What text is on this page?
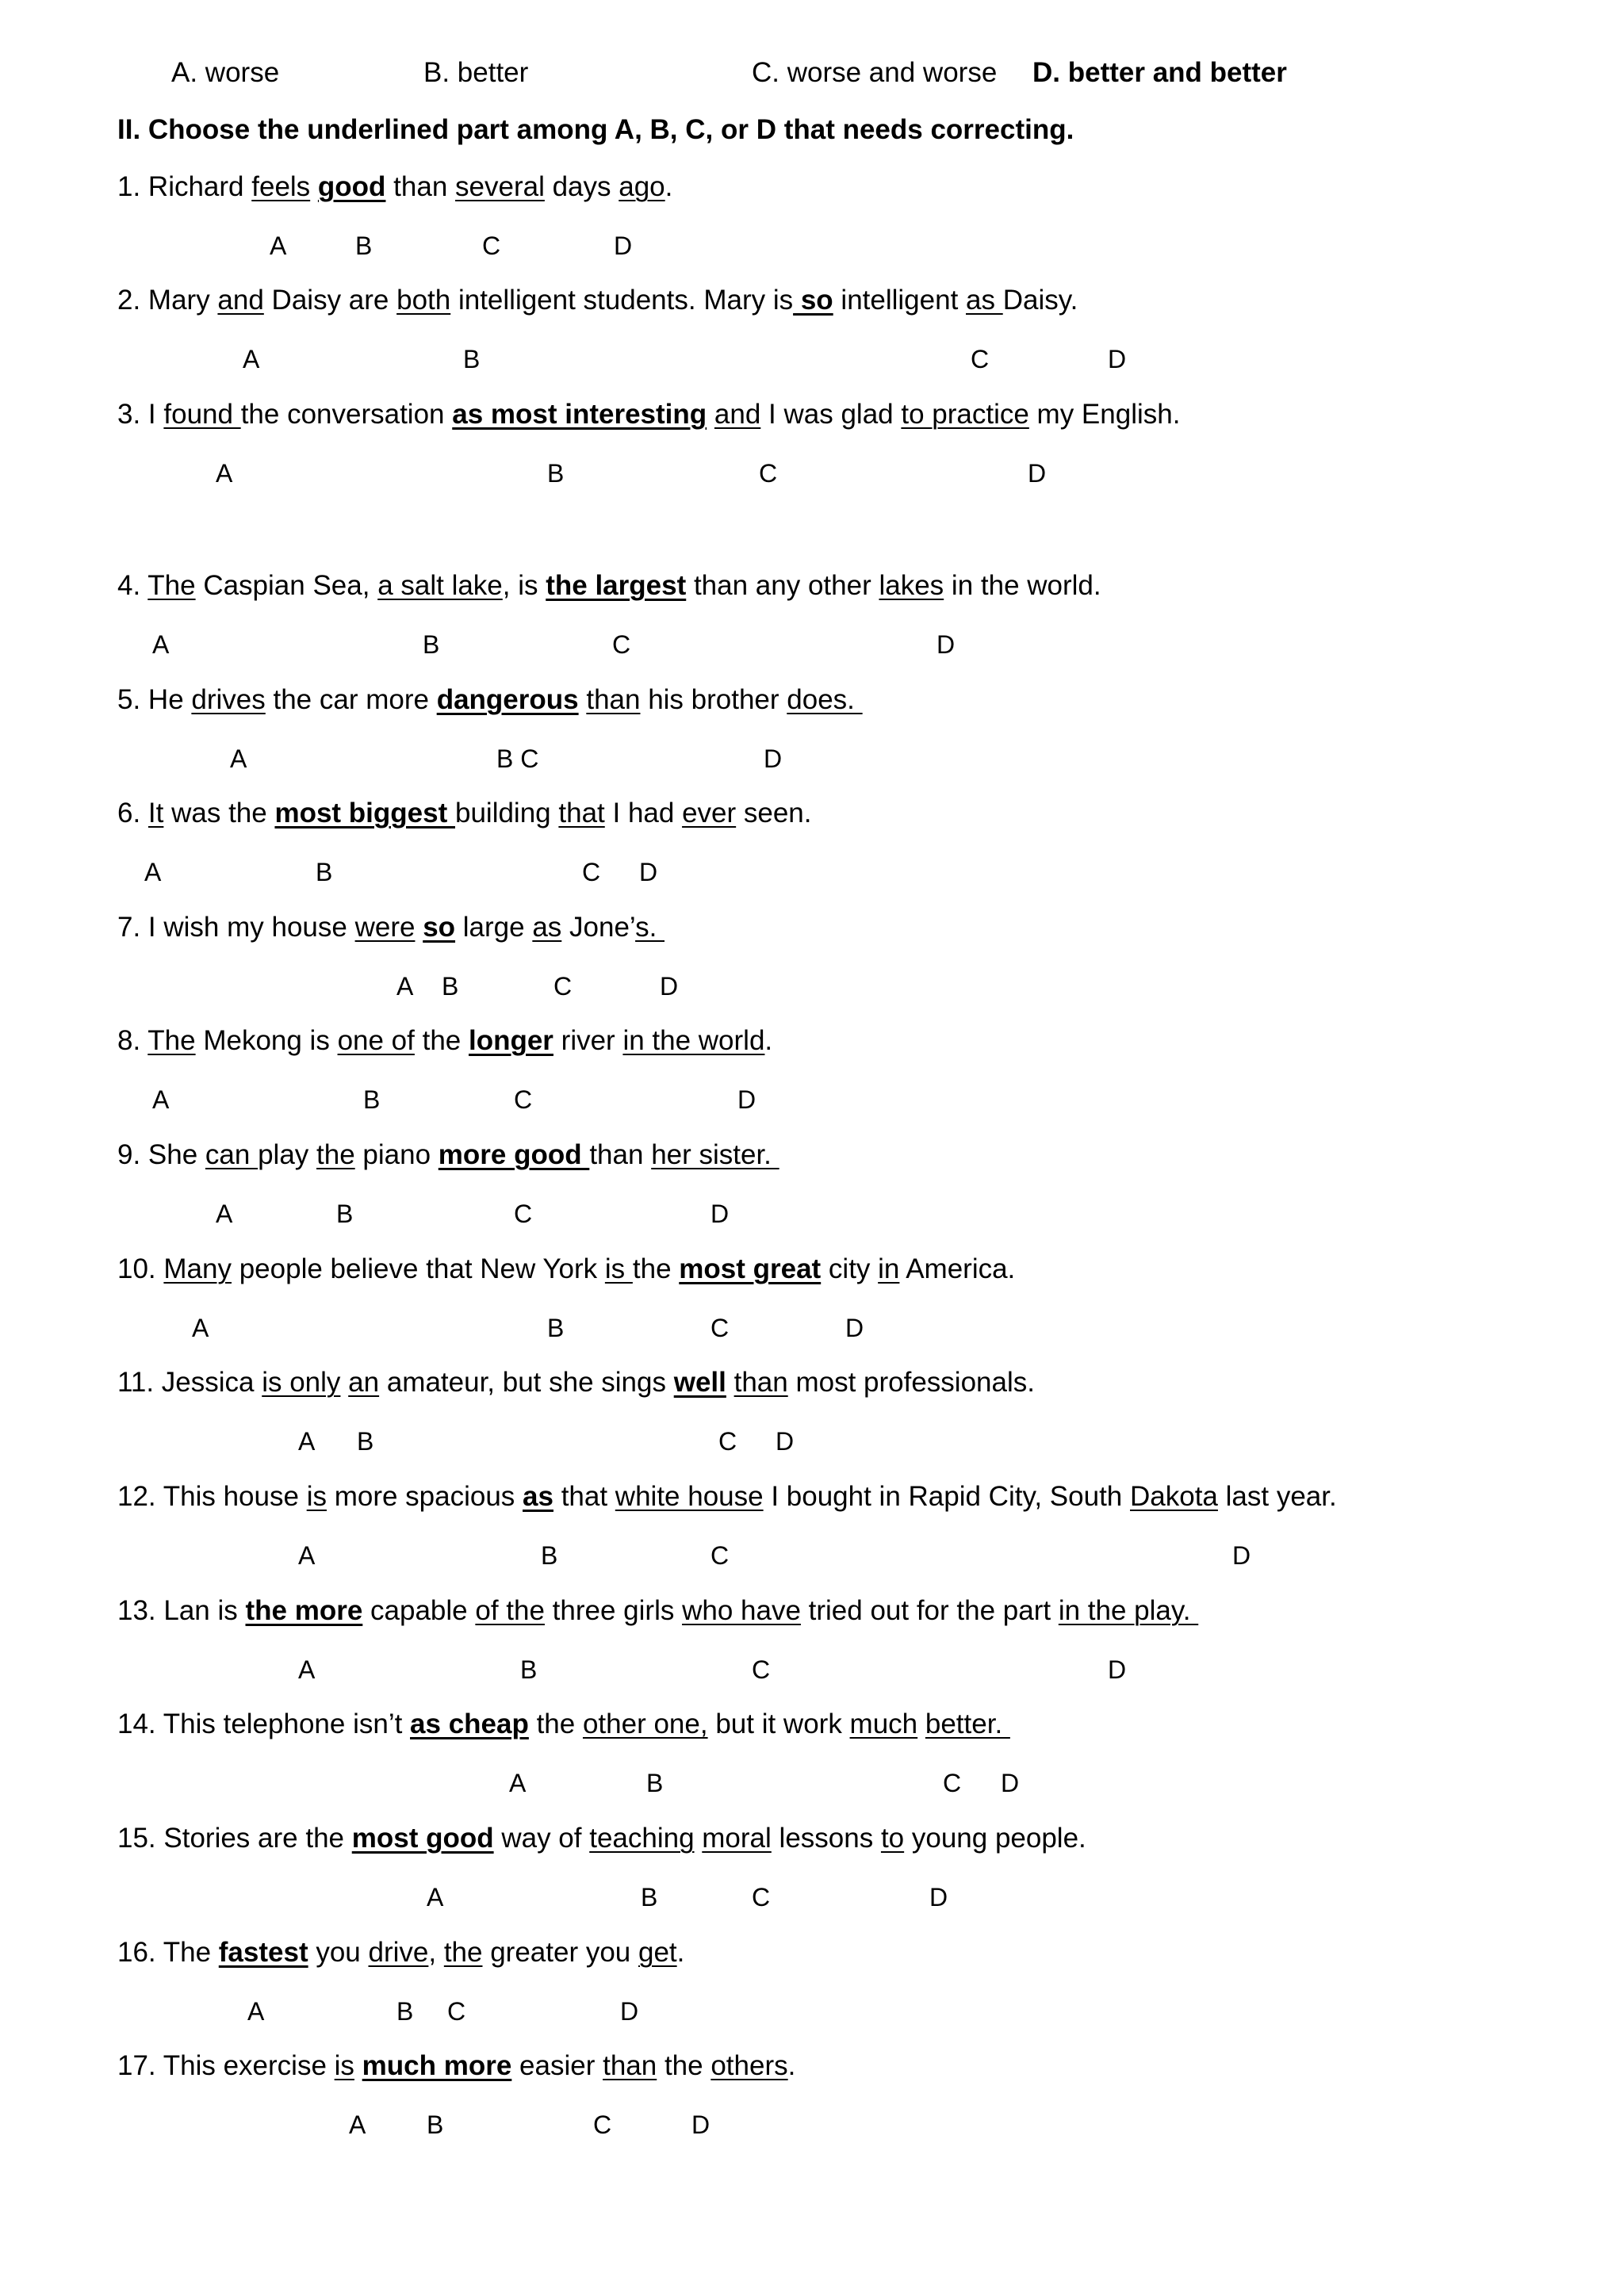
A. worse	B. better	C. worse and worse D. better and better
II. Choose the underlined part among A, B, C, or D that needs correcting.
1. Richard feels good than several days ago.
A	B	C	D
2. Mary and Daisy are both intelligent students. Mary is so intelligent as Daisy.
A	B	C	D
3. I found the conversation as most interesting and I was glad to practice my English.
A	B	C	D
4. The Caspian Sea, a salt lake, is the largest than any other lakes in the world.
A	B	C	D
5. He drives the car more dangerous than his brother does.
A	B C	D
6. It was the most biggest building that I had ever seen.
A	B	C D
7. I wish my house were so large as Jone’s.
A B	C	D
8. The Mekong is one of the longer river in the world.
A	B	C	D
9. She can play the piano more good than her sister.
A	B	C	D
10. Many people believe that New York is the most great city in America.
A	B	C	D
11. Jessica is only an amateur, but she sings well than most professionals.
A B	C D
12. This house is more spacious as that white house I bought in Rapid City, South Dakota last year.
A	B	C	D
13. Lan is the more capable of the three girls who have tried out for the part in the play.
A	B	C	D
14. This telephone isn’t as cheap the other one, but it work much better.
A	B	C D
15. Stories are the most good way of teaching moral lessons to young people.
A	B	C	D
16. The fastest you drive, the greater you get.
A	B C	D
17. This exercise is much more easier than the others.
A B	C	D
